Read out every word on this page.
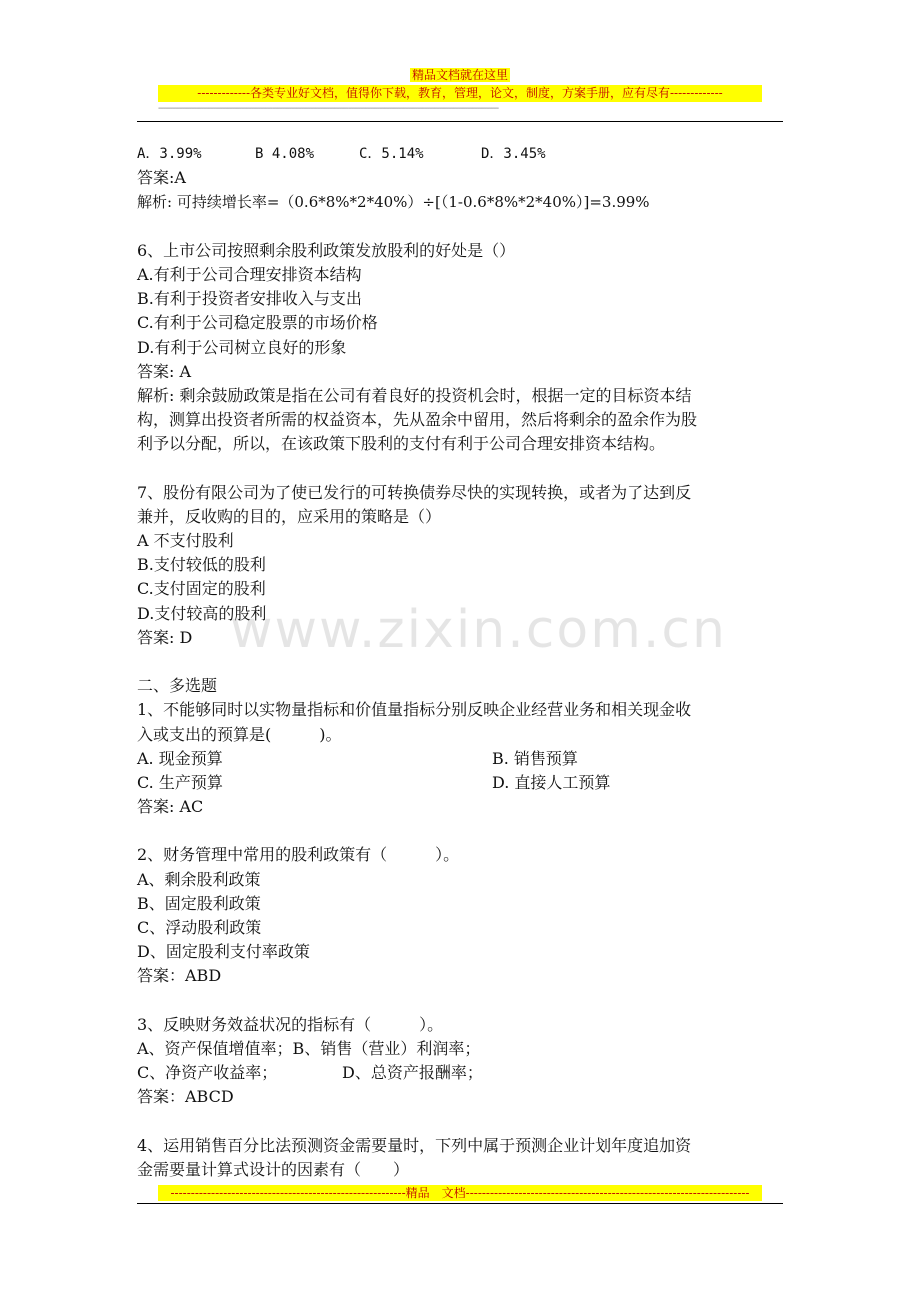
精品文档就在这里
-------------各类专业好文档，值得你下载，教育，管理，论文，制度，方案手册，应有尽有-------------
-----------------------------------------------------------------------------------------------------------------------------------------------
www.zixin.com.cn
A．3.99%	B 4.08%	C．5.14%	D．3.45%
答案:A
解析: 可持续增长率=（0.6*8%*2*40%）÷[（1-0.6*8%*2*40%）]=3.99%
6、上市公司按照剩余股利政策发放股利的好处是（）
A.有利于公司合理安排资本结构
B.有利于投资者安排收入与支出
C.有利于公司稳定股票的市场价格
D.有利于公司树立良好的形象
答案: A
解析: 剩余鼓励政策是指在公司有着良好的投资机会时，根据一定的目标资本结
构，测算出投资者所需的权益资本，先从盈余中留用，然后将剩余的盈余作为股
利予以分配，所以，在该政策下股利的支付有利于公司合理安排资本结构。
7、股份有限公司为了使已发行的可转换债券尽快的实现转换，或者为了达到反
兼并，反收购的目的，应采用的策略是（）
A 不支付股利
B.支付较低的股利
C.支付固定的股利
D.支付较高的股利
答案: D
二、多选题
1、不能够同时以实物量指标和价值量指标分别反映企业经营业务和相关现金收
入或支出的预算是(　　　)。
A. 现金预算	B. 销售预算
C. 生产预算	D. 直接人工预算
答案: AC
2、财务管理中常用的股利政策有（　　　）。
A、剩余股利政策
B、固定股利政策
C、浮动股利政策
D、固定股利支付率政策
答案：ABD
3、反映财务效益状况的指标有（　　　）。
A、资产保值增值率；B、销售（营业）利润率；
C、净资产收益率；	D、总资产报酬率；
答案：ABCD
4、运用销售百分比法预测资金需要量时，下列中属于预测企业计划年度追加资
金需要量计算式设计的因素有（　　）
----------------------------------------------------------精品　文档----------------------------------------------------------------------
